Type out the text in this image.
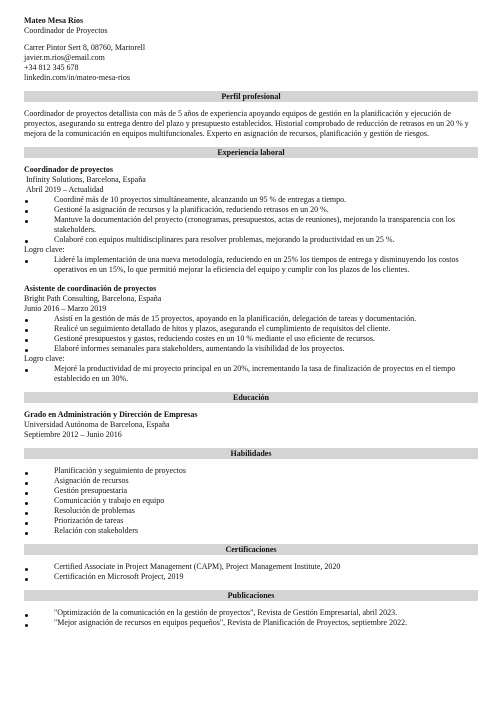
Mateo Mesa Ríos
Coordinador de Proyectos
Carrer Pintor Sert 8, 08760, Martorell
javier.m.rios@email.com
+34 812 345 678
linkedin.com/in/mateo-mesa-rios
Perfil profesional

Coordinador de proyectos detallista con más de 5 años de experiencia apoyando equipos de gestión en la planificación y ejecución de proyectos, asegurando su entrega dentro del plazo y presupuesto establecidos. Historial comprobado de reducción de retrasos en un 20 % y mejora de la comunicación en equipos multifuncionales. Experto en asignación de recursos, planificación y gestión de riesgos.

Experiencia laboral
Coordinador de proyectos
Infinity Solutions, Barcelona, España
Abril 2019 – Actualidad
Coordiné más de 10 proyectos simultáneamente, alcanzando un 95 % de entregas a tiempo.
Gestioné la asignación de recursos y la planificación, reduciendo retrasos en un 20 %.
Mantuve la documentación del proyecto (cronogramas, presupuestos, actas de reuniones), mejorando la transparencia con los stakeholders.
Colaboré con equipos multidisciplinares para resolver problemas, mejorando la productividad en un 25 %.
Logro clave:
Lideré la implementación de una nueva metodología, reduciendo en un 25% los tiempos de entrega y disminuyendo los costos operativos en un 15%, lo que permitió mejorar la eficiencia del equipo y cumplir con los plazos de los clientes.
Asistente de coordinación de proyectos
Bright Path Consulting, Barcelona, España
Junio 2016 – Marzo 2019
Asistí en la gestión de más de 15 proyectos, apoyando en la planificación, delegación de tareas y documentación.
Realicé un seguimiento detallado de hitos y plazos, asegurando el cumplimiento de requisitos del cliente.
Gestioné presupuestos y gastos, reduciendo costes en un 10 % mediante el uso eficiente de recursos.
Elaboré informes semanales para stakeholders, aumentando la visibilidad de los proyectos.
Logro clave:
Mejoré la productividad de mi proyecto principal en un 20%, incrementando la tasa de finalización de proyectos en el tiempo establecido en un 30%.
Educación
Grado en Administración y Dirección de Empresas
Universidad Autónoma de Barcelona, España
Septiembre 2012 – Junio 2016
Habilidades
Planificación y seguimiento de proyectos
Asignación de recursos
Gestión presupuestaria
Comunicación y trabajo en equipo
Resolución de problemas
Priorización de tareas
Relación con stakeholders
Certificaciones
Certified Associate in Project Management (CAPM), Project Management Institute, 2020
Certificación en Microsoft Project, 2019
Publicaciones
"Optimización de la comunicación en la gestión de proyectos", Revista de Gestión Empresarial, abril 2023.
"Mejor asignación de recursos en equipos pequeños", Revista de Planificación de Proyectos, septiembre 2022.
